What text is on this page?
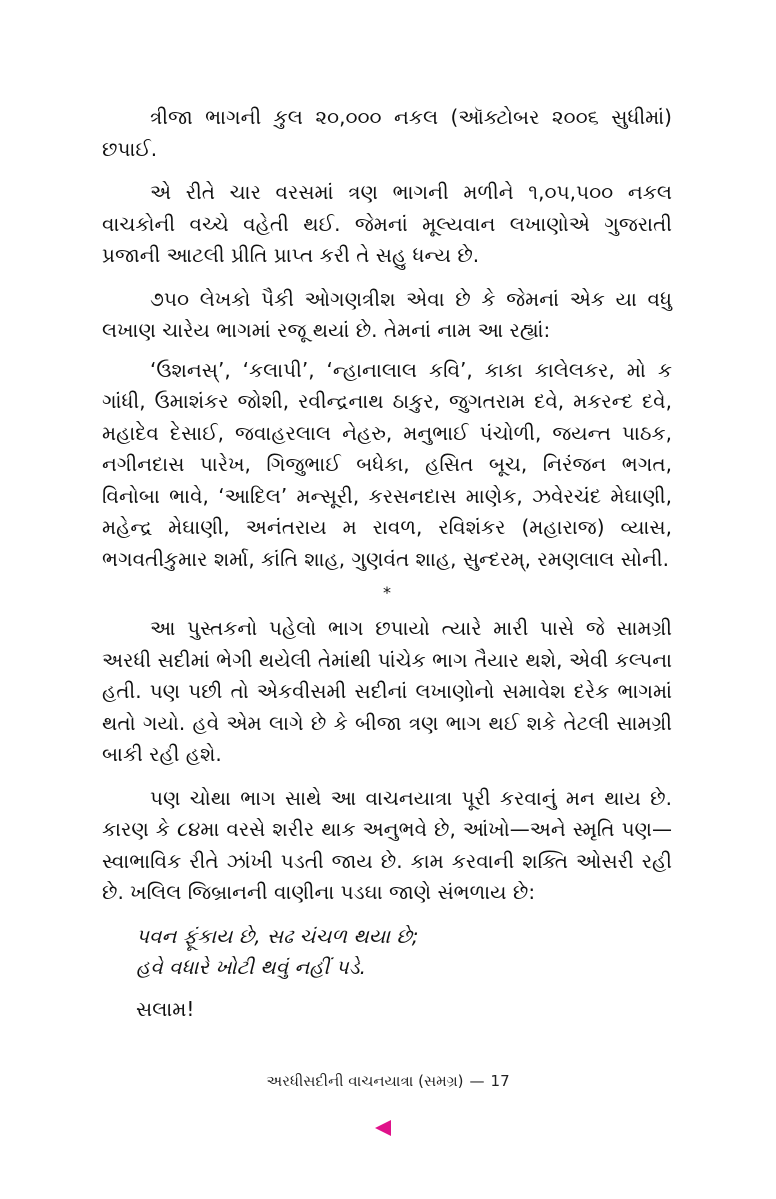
ત્રીજા ભાગની કુલ ૨૦,૦૦૦ નકલ (ઑક્ટોબર ૨૦૦૬ સુધીમાં) છપાઈ.

એ રીતે ચાર વરસમાં ત્રણ ભાગની મળીને ૧,૦૫,૫૦૦ નકલ વાચકોની વચ્ચે વહેતી થઈ. જેમનાં મૂલ્યવાન લખાણોએ ગુજરાતી પ્રજાની આટલી પ્રીતિ પ્રાપ્ત કરી તે સહુ ધન્ય છે.

૭૫૦ લેખકો પૈકી ઓગણત્રીશ એવા છે કે જેમનાં એક યા વધુ લખાણ ચારેય ભાગમાં રજૂ થયાં છે. તેમનાં નામ આ રહ્યાં:

‘ઉશનસ્’, ‘કલાપી’, ‘ન્હાનાલાલ કવિ’, કાકા કાલેલકર, મો ક ગાંધી, ઉમાશંકર જોશી, રવીન્દ્રનાથ ઠાકુર, જુગતરામ દવે, મકરન્દ દવે, મહાદેવ દેસાઈ, જવાહરલાલ નેહરુ, મનુભાઈ પંચોળી, જયન્ત પાઠક, નગીનદાસ પારેખ, ગિજુભાઈ બધેકા, હસિત બૂચ, નિરંજન ભગત, વિનોબા ભાવે, ‘આદિલ’ મન્સૂરી, કરસનદાસ માણેક, ઝવેરચંદ મેઘાણી, મહેન્દ્ર મેઘાણી, અનંતરાય મ રાવળ, રવિશંકર (મહારાજ) વ્યાસ, ભગવતીકુમાર શર્મા, કાંતિ શાહ, ગુણવંત શાહ, સુન્દરમ્, રમણલાલ સોની.

*

આ પુસ્તકનો પહેલો ભાગ છપાયો ત્યારે મારી પાસે જે સામગ્રી અરધી સદીમાં ભેગી થયેલી તેમાંથી પાંચેક ભાગ તૈયાર થશે, એવી કલ્પના હતી. પણ પછી તો એકવીસમી સદીનાં લખાણોનો સમાવેશ દરેક ભાગમાં થતો ગયો. હવે એમ લાગે છે કે બીજા ત્રણ ભાગ થઈ શકે તેટલી સામગ્રી બાકી રહી હશે.

પણ ચોથા ભાગ સાથે આ વાચનયાત્રા પૂરી કરવાનું મન થાય છે. કારણ કે ૮૪મા વરસે શરીર થાક અનુભવે છે, આંખો—અને સ્મૃતિ પણ—સ્વાભાવિક રીતે ઝાંખી પડતી જાય છે. કામ કરવાની શક્તિ ઓસરી રહી છે. ખલિલ જિબ્રાનની વાણીના પડઘા જાણે સંભળાય છે:

પવન ફૂંકાય છે, સઢ ચંચળ થયા છે;
હવે વધારે ખોટી થવું નહીં પડે.

સલામ!

અરધીસદીની વાચનયાત્રા (સમગ્ર) — 17
